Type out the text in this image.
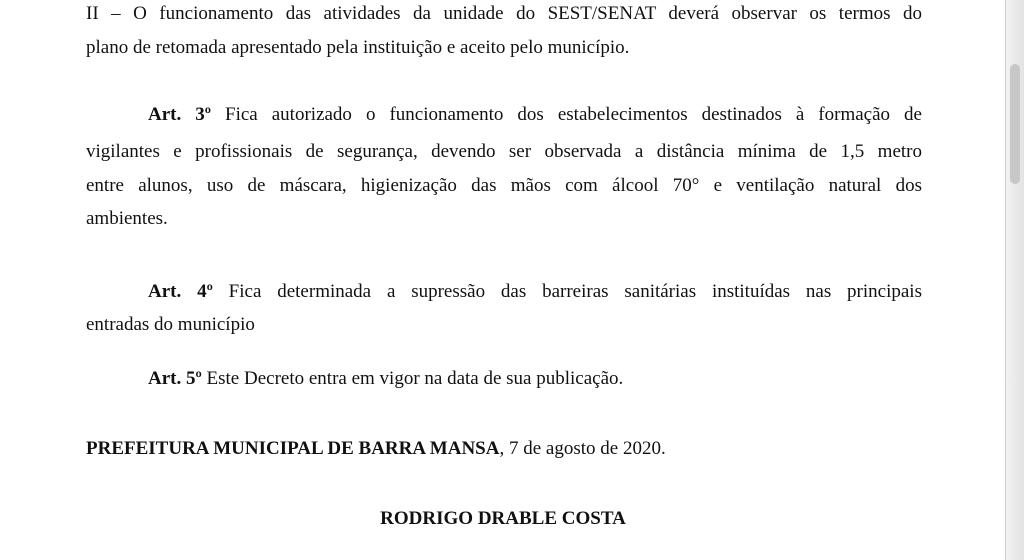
II – O funcionamento das atividades da unidade do SEST/SENAT deverá observar os termos do

plano de retomada apresentado pela instituição e aceito pelo município.

Art. 3º Fica autorizado o funcionamento dos estabelecimentos destinados à formação de

vigilantes e profissionais de segurança, devendo ser observada a distância mínima de 1,5 metro

entre alunos, uso de máscara, higienização das mãos com álcool 70° e ventilação natural dos

ambientes.

Art. 4º Fica determinada a supressão das barreiras sanitárias instituídas nas principais

entradas do município

Art. 5º Este Decreto entra em vigor na data de sua publicação.

PREFEITURA MUNICIPAL DE BARRA MANSA, 7 de agosto de 2020.

RODRIGO DRABLE COSTA
